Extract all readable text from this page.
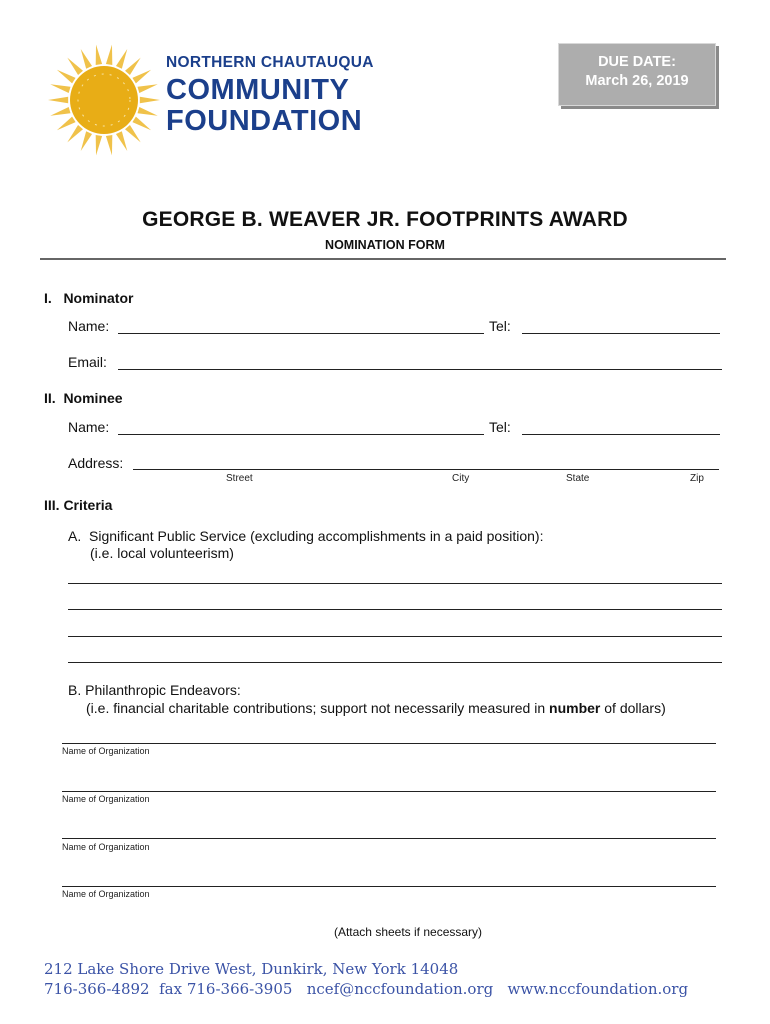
NORTHERN CHAUTAUQUA
COMMUNITY
FOUNDATION
DUE DATE:
March 26, 2019
GEORGE B. WEAVER JR. FOOTPRINTS AWARD
NOMINATION FORM
I.   Nominator
Name:	Tel:
Email:
II.  Nominee
Name:	Tel:
Address:
Street	City	State	Zip
III. Criteria
A.  Significant Public Service (excluding accomplishments in a paid position):
(i.e. local volunteerism)
B. Philanthropic Endeavors:
(i.e. financial charitable contributions; support not necessarily measured in number of dollars)
Name of Organization
Name of Organization
Name of Organization
Name of Organization
(Attach sheets if necessary)
212 Lake Shore Drive West, Dunkirk, New York 14048
716-366-4892 fax 716-366-3905 ncef@nccfoundation.org www.nccfoundation.org
